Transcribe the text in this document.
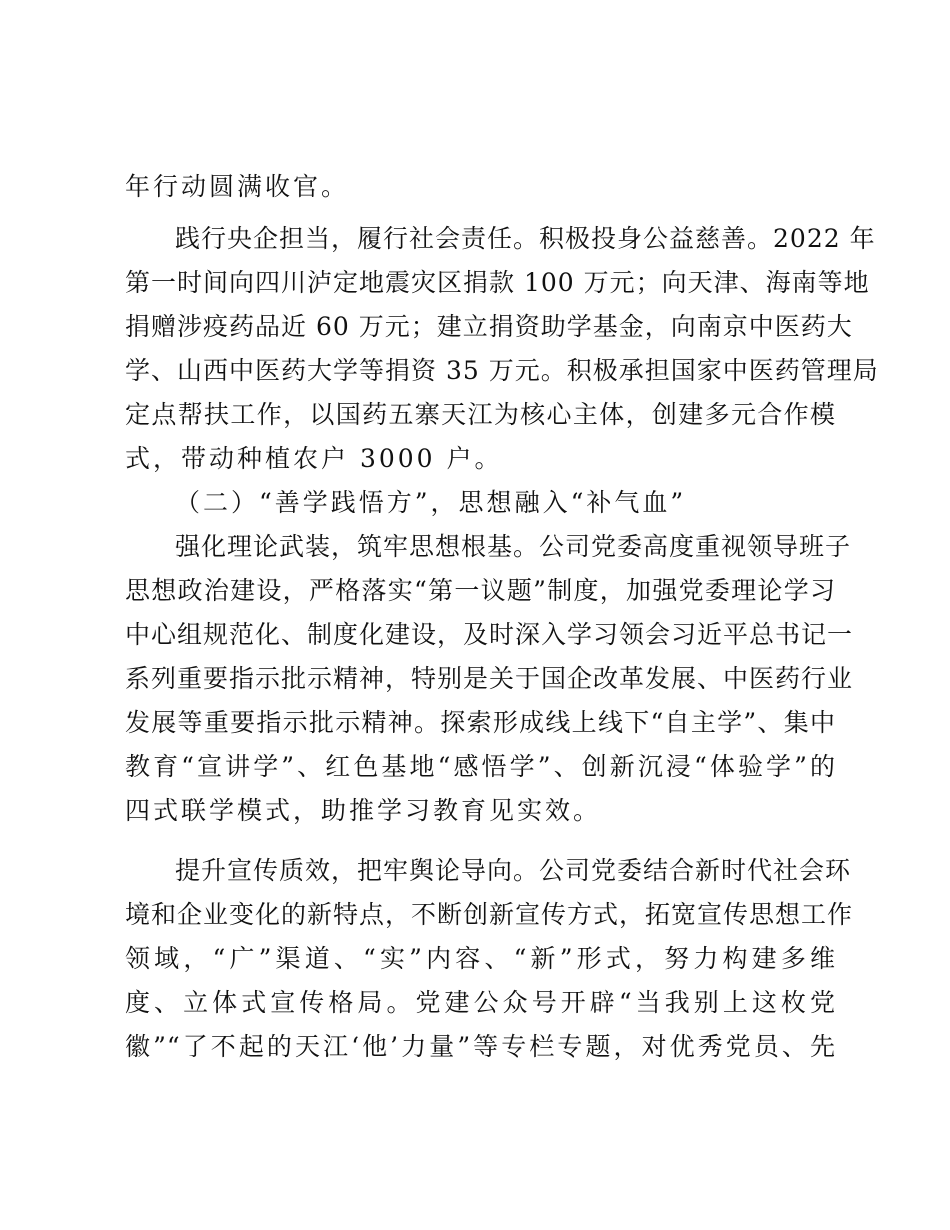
年行动圆满收官。
践行央企担当，履行社会责任。积极投身公益慈善。2022 年
第一时间向四川泸定地震灾区捐款 100 万元；向天津、海南等地
捐赠涉疫药品近 60 万元；建立捐资助学基金，向南京中医药大
学、山西中医药大学等捐资 35 万元。积极承担国家中医药管理局
定点帮扶工作，以国药五寨天江为核心主体，创建多元合作模
式，带动种植农户 3000 户。
（二）“善学践悟方”，思想融入“补气血”
强化理论武装，筑牢思想根基。公司党委高度重视领导班子
思想政治建设，严格落实“第一议题”制度，加强党委理论学习
中心组规范化、制度化建设，及时深入学习领会习近平总书记一
系列重要指示批示精神，特别是关于国企改革发展、中医药行业
发展等重要指示批示精神。探索形成线上线下“自主学”、集中
教育“宣讲学”、红色基地“感悟学”、创新沉浸“体验学”的
四式联学模式，助推学习教育见实效。
提升宣传质效，把牢舆论导向。公司党委结合新时代社会环
境和企业变化的新特点，不断创新宣传方式，拓宽宣传思想工作
领域，“广”渠道、“实”内容、“新”形式，努力构建多维
度、立体式宣传格局。党建公众号开辟“当我别上这枚党
徽”“了不起的天江‘他’力量”等专栏专题，对优秀党员、先
